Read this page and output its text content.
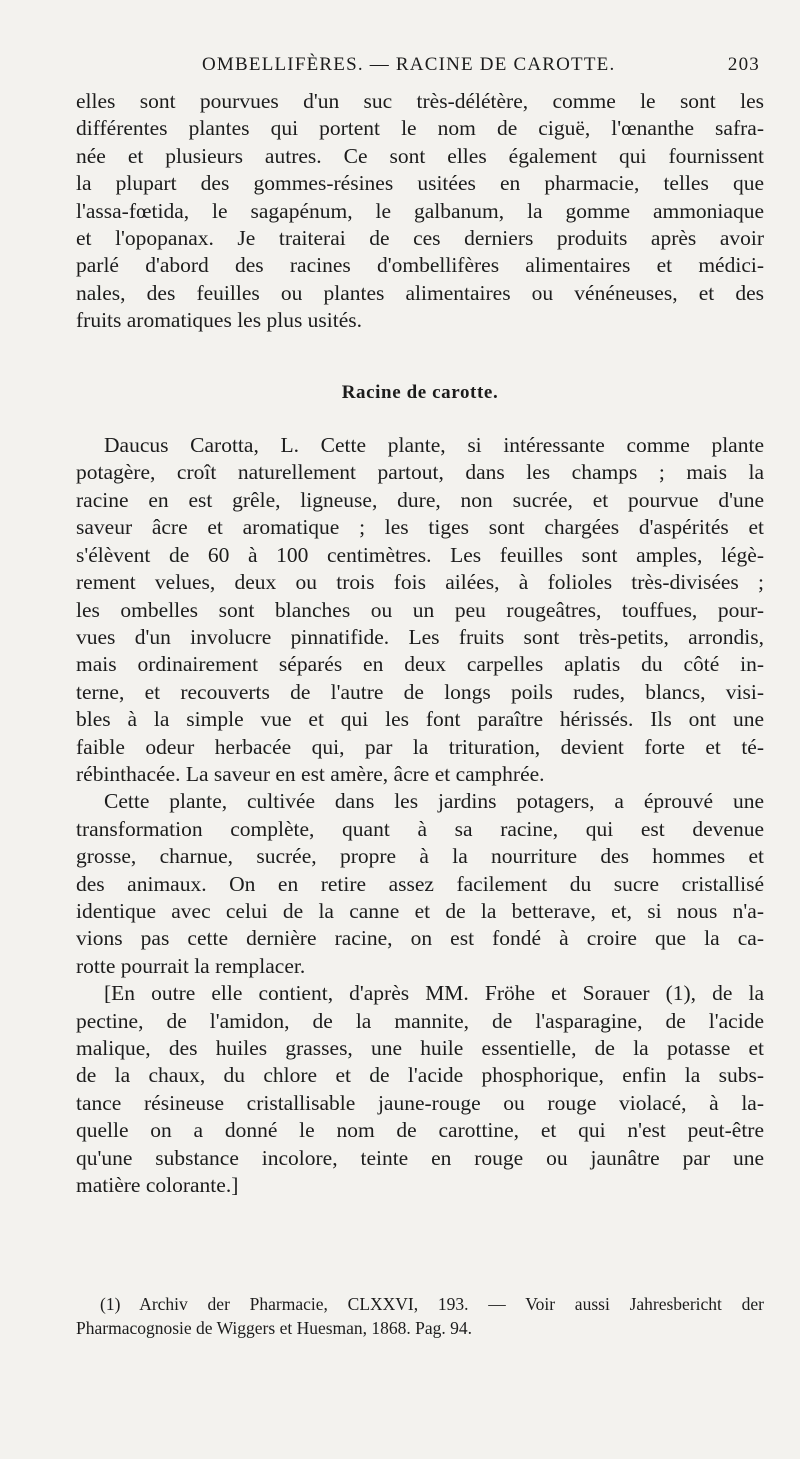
OMBELLIFÈRES. — RACINE DE CAROTTE.	203

elles sont pourvues d'un suc très-délétère, comme le sont les
différentes plantes qui portent le nom de ciguë, l'œnanthe safra-
née et plusieurs autres. Ce sont elles également qui fournissent
la plupart des gommes-résines usitées en pharmacie, telles que
l'assa-fœtida, le sagapénum, le galbanum, la gomme ammoniaque
et l'opopanax. Je traiterai de ces derniers produits après avoir
parlé d'abord des racines d'ombellifères alimentaires et médici-
nales, des feuilles ou plantes alimentaires ou vénéneuses, et des
fruits aromatiques les plus usités.

Racine de carotte.

Daucus Carotta, L. Cette plante, si intéressante comme plante
potagère, croît naturellement partout, dans les champs ; mais la
racine en est grêle, ligneuse, dure, non sucrée, et pourvue d'une
saveur âcre et aromatique ; les tiges sont chargées d'aspérités et
s'élèvent de 60 à 100 centimètres. Les feuilles sont amples, légè-
rement velues, deux ou trois fois ailées, à folioles très-divisées ;
les ombelles sont blanches ou un peu rougeâtres, touffues, pour-
vues d'un involucre pinnatifide. Les fruits sont très-petits, arrondis,
mais ordinairement séparés en deux carpelles aplatis du côté in-
terne, et recouverts de l'autre de longs poils rudes, blancs, visi-
bles à la simple vue et qui les font paraître hérissés. Ils ont une
faible odeur herbacée qui, par la trituration, devient forte et té-
rébinthacée. La saveur en est amère, âcre et camphrée.

Cette plante, cultivée dans les jardins potagers, a éprouvé une
transformation complète, quant à sa racine, qui est devenue
grosse, charnue, sucrée, propre à la nourriture des hommes et
des animaux. On en retire assez facilement du sucre cristallisé
identique avec celui de la canne et de la betterave, et, si nous n'a-
vions pas cette dernière racine, on est fondé à croire que la ca-
rotte pourrait la remplacer.

[En outre elle contient, d'après MM. Fröhe et Sorauer (1), de la
pectine, de l'amidon, de la mannite, de l'asparagine, de l'acide
malique, des huiles grasses, une huile essentielle, de la potasse et
de la chaux, du chlore et de l'acide phosphorique, enfin la subs-
tance résineuse cristallisable jaune-rouge ou rouge violacé, à la-
quelle on a donné le nom de carottine, et qui n'est peut-être
qu'une substance incolore, teinte en rouge ou jaunâtre par une
matière colorante.]

(1) Archiv der Pharmacie, CLXXVI, 193. — Voir aussi Jahresbericht der
Pharmacognosie de Wiggers et Huesman, 1868. Pag. 94.
